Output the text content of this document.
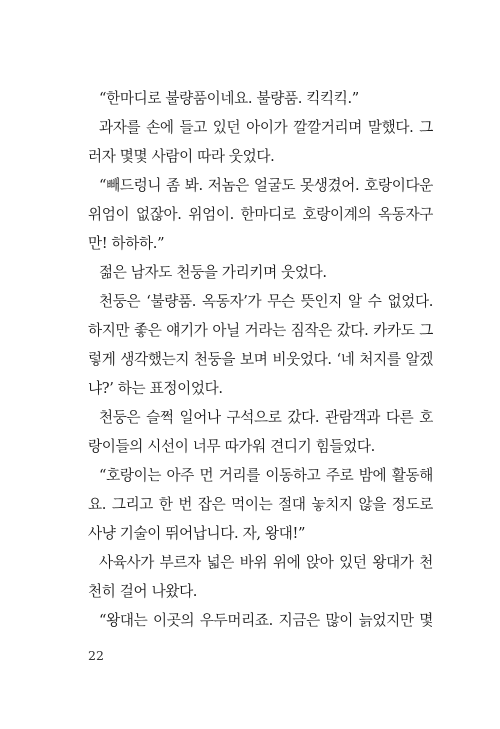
“한마디로 불량품이네요. 불량품. 킥킥킥.”
과자를 손에 들고 있던 아이가 깔깔거리며 말했다. 그
러자 몇몇 사람이 따라 웃었다.
“빼드렁니 좀 봐. 저놈은 얼굴도 못생겼어. 호랑이다운
위엄이 없잖아. 위엄이. 한마디로 호랑이계의 옥동자구
만! 하하하.”
젊은 남자도 천둥을 가리키며 웃었다.
천둥은 ‘불량품. 옥동자’가 무슨 뜻인지 알 수 없었다.
하지만 좋은 얘기가 아닐 거라는 짐작은 갔다. 카카도 그
렇게 생각했는지 천둥을 보며 비웃었다. ‘네 처지를 알겠
냐?’ 하는 표정이었다.
천둥은 슬쩍 일어나 구석으로 갔다. 관람객과 다른 호
랑이들의 시선이 너무 따가워 견디기 힘들었다.
“호랑이는 아주 먼 거리를 이동하고 주로 밤에 활동해
요. 그리고 한 번 잡은 먹이는 절대 놓치지 않을 정도로
사냥 기술이 뛰어납니다. 자, 왕대!”
사육사가 부르자 넓은 바위 위에 앉아 있던 왕대가 천
천히 걸어 나왔다.
“왕대는 이곳의 우두머리죠. 지금은 많이 늙었지만 몇
22
